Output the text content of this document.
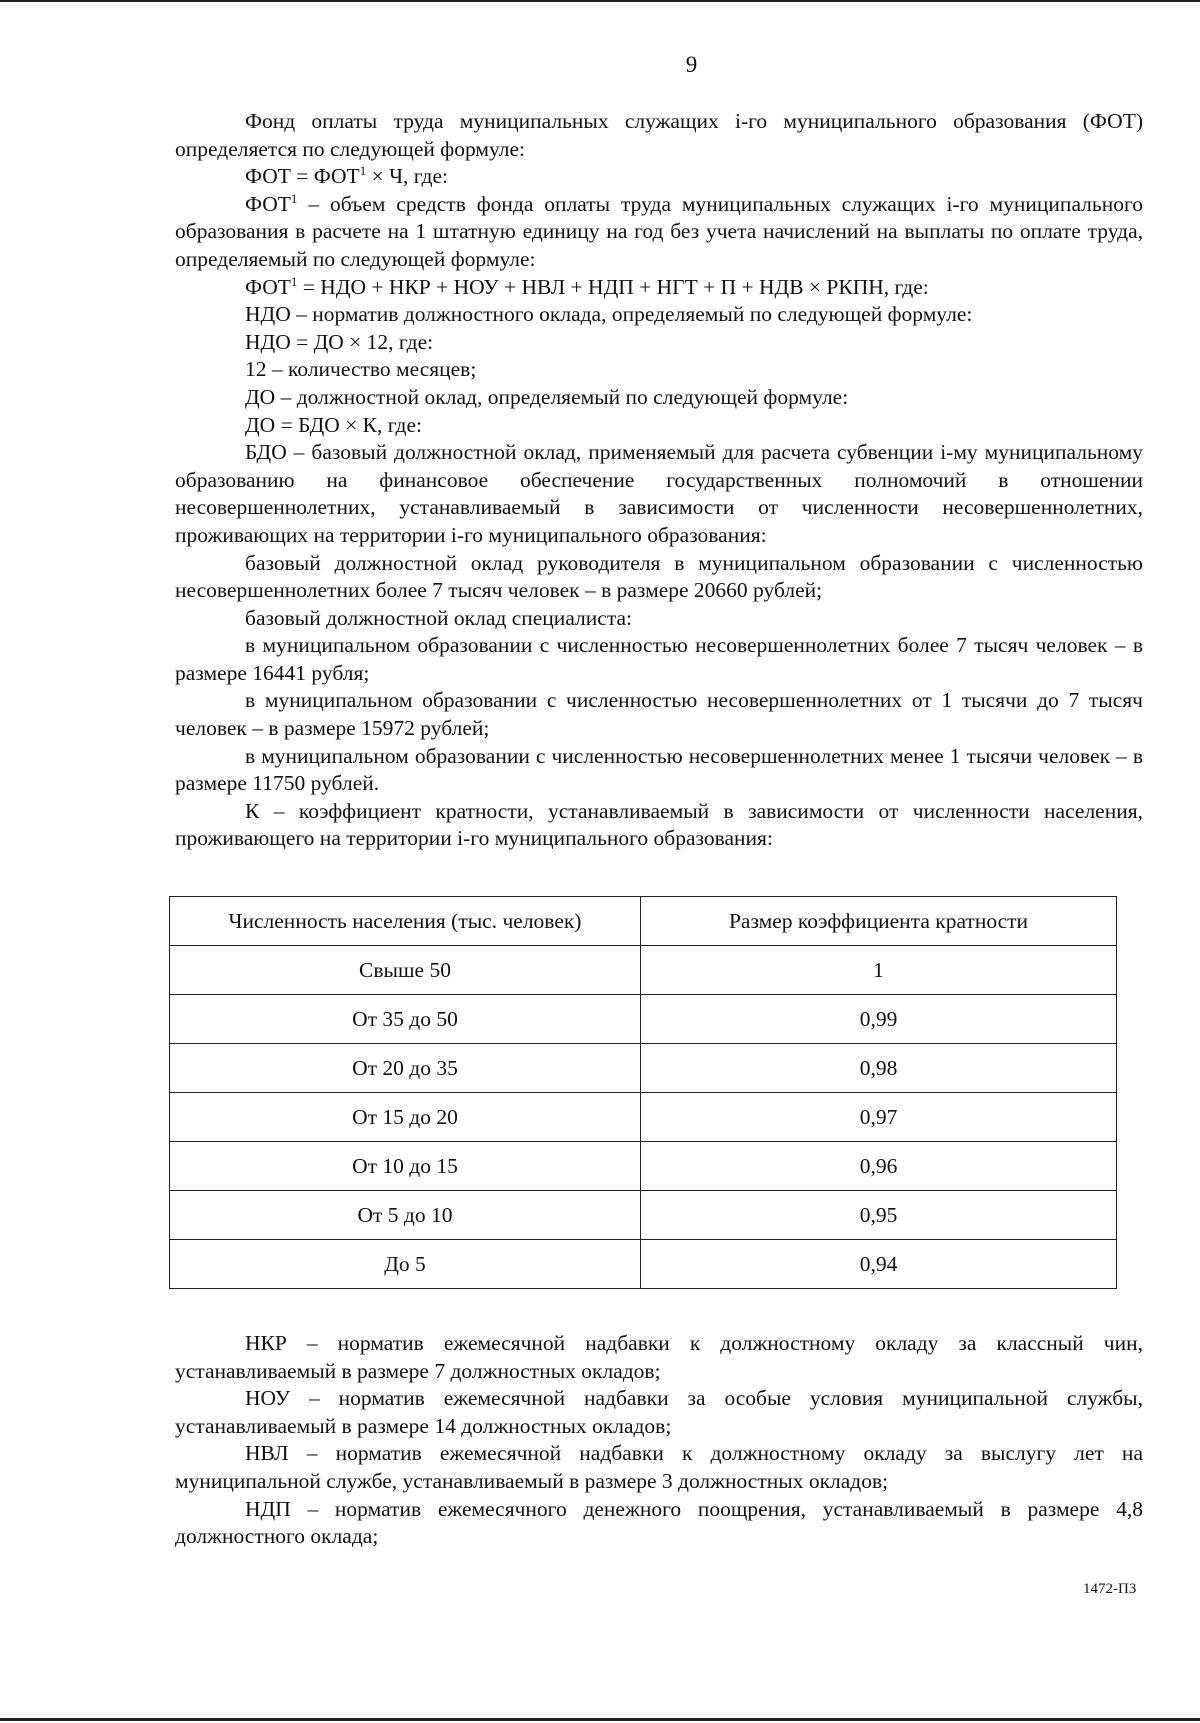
9

Фонд оплаты труда муниципальных служащих i-го муниципального образования (ФОТ) определяется по следующей формуле:

ФОТ = $ФОТ^1 \times Ч$, где:

ФОТ$^1$ – объем средств фонда оплаты труда муниципальных служащих i-го муниципального образования в расчете на 1 штатную единицу на год без учета начислений на выплаты по оплате труда, определяемый по следующей формуле:

$ФОТ^1$ = НДО + НКР + НОУ + НВЛ + НДП + НГТ + П + НДВ × РКПН, где:

НДО – норматив должностного оклада, определяемый по следующей формуле:

НДО = ДО × 12, где:

12 – количество месяцев;

ДО – должностной оклад, определяемый по следующей формуле:

ДО = БДО × К, где:

БДО – базовый должностной оклад, применяемый для расчета субвенции i-му муниципальному образованию на финансовое обеспечение государственных полномочий в отношении несовершеннолетних, устанавливаемый в зависимости от численности несовершеннолетних, проживающих на территории i-го муниципального образования:

базовый должностной оклад руководителя в муниципальном образовании с численностью несовершеннолетних более 7 тысяч человек – в размере 20660 рублей;

базовый должностной оклад специалиста:

в муниципальном образовании с численностью несовершеннолетних более 7 тысяч человек – в размере 16441 рубля;

в муниципальном образовании с численностью несовершеннолетних от 1 тысячи до 7 тысяч человек – в размере 15972 рублей;

в муниципальном образовании с численностью несовершеннолетних менее 1 тысячи человек – в размере 11750 рублей.

К – коэффициент кратности, устанавливаемый в зависимости от численности населения, проживающего на территории i-го муниципального образования:

Численность населения (тыс. человек)	Размер коэффициента кратности
Свыше 50	1
От 35 до 50	0,99
От 20 до 35	0,98
От 15 до 20	0,97
От 10 до 15	0,96
От 5 до 10	0,95
До 5	0,94

НКР – норматив ежемесячной надбавки к должностному окладу за классный чин, устанавливаемый в размере 7 должностных окладов;

НОУ – норматив ежемесячной надбавки за особые условия муниципальной службы, устанавливаемый в размере 14 должностных окладов;

НВЛ – норматив ежемесячной надбавки к должностному окладу за выслугу лет на муниципальной службе, устанавливаемый в размере 3 должностных окладов;

НДП – норматив ежемесячного денежного поощрения, устанавливаемый в размере 4,8 должностного оклада;

1472-ПЗ
